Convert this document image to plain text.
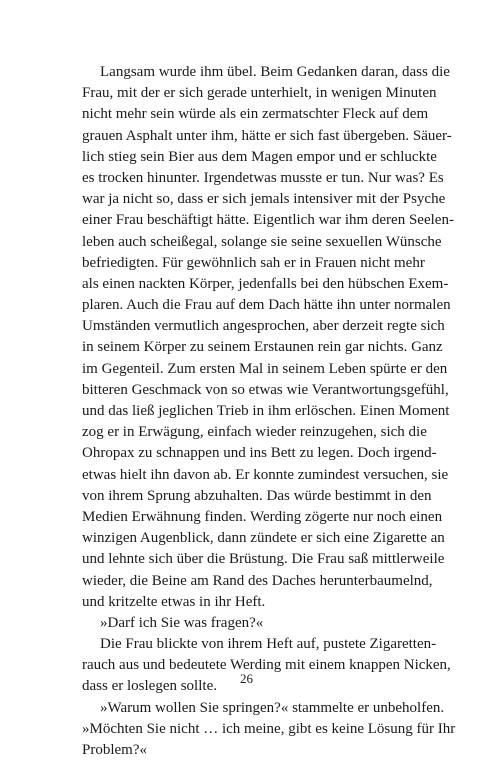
Langsam wurde ihm übel. Beim Gedanken daran, dass die
Frau, mit der er sich gerade unterhielt, in wenigen Minuten
nicht mehr sein würde als ein zermatschter Fleck auf dem
grauen Asphalt unter ihm, hätte er sich fast übergeben. Säuer-
lich stieg sein Bier aus dem Magen empor und er schluckte
es trocken hinunter. Irgendetwas musste er tun. Nur was? Es
war ja nicht so, dass er sich jemals intensiver mit der Psyche
einer Frau beschäftigt hätte. Eigentlich war ihm deren Seelen-
leben auch scheißegal, solange sie seine sexuellen Wünsche
befriedigten. Für gewöhnlich sah er in Frauen nicht mehr
als einen nackten Körper, jedenfalls bei den hübschen Exem-
plaren. Auch die Frau auf dem Dach hätte ihn unter normalen
Umständen vermutlich angesprochen, aber derzeit regte sich
in seinem Körper zu seinem Erstaunen rein gar nichts. Ganz
im Gegenteil. Zum ersten Mal in seinem Leben spürte er den
bitteren Geschmack von so etwas wie Verantwortungsgefühl,
und das ließ jeglichen Trieb in ihm erlöschen. Einen Moment
zog er in Erwägung, einfach wieder reinzugehen, sich die
Ohropax zu schnappen und ins Bett zu legen. Doch irgend-
etwas hielt ihn davon ab. Er konnte zumindest versuchen, sie
von ihrem Sprung abzuhalten. Das würde bestimmt in den
Medien Erwähnung finden. Werding zögerte nur noch einen
winzigen Augenblick, dann zündete er sich eine Zigarette an
und lehnte sich über die Brüstung. Die Frau saß mittlerweile
wieder, die Beine am Rand des Daches herunterbaumelnd,
und kritzelte etwas in ihr Heft.
»Darf ich Sie was fragen?«
Die Frau blickte von ihrem Heft auf, pustete Zigaretten-
rauch aus und bedeutete Werding mit einem knappen Nicken,
dass er loslegen sollte.
»Warum wollen Sie springen?« stammelte er unbeholfen.
»Möchten Sie nicht … ich meine, gibt es keine Lösung für Ihr
Problem?«
26
